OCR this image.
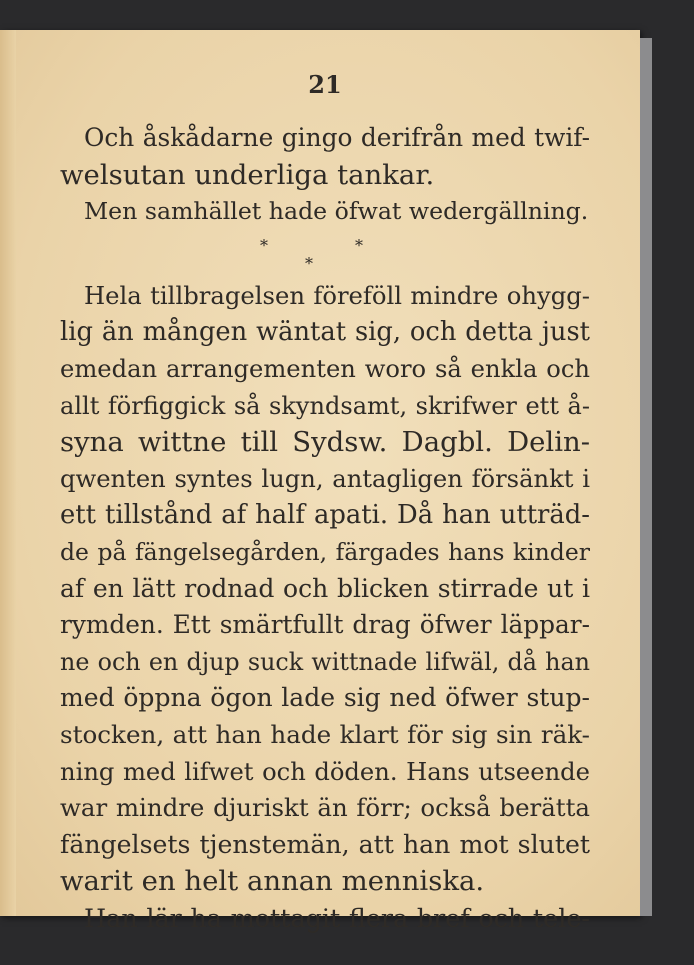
21
Och åskådarne gingo derifrån med twif-
welsutan underliga tankar.
Men samhället hade öfwat wedergällning.
*
*
*
Hela tillbragelsen föreföll mindre ohygg-
lig än mången wäntat sig, och detta just
emedan arrangementen woro så enkla och
allt förfiggick så skyndsamt, skrifwer ett å-
syna wittne till Sydsw. Dagbl. Delin-
qwenten syntes lugn, antagligen försänkt i
ett tillstånd af half apati. Då han utträd-
de på fängelsegården, färgades hans kinder
af en lätt rodnad och blicken stirrade ut i
rymden. Ett smärtfullt drag öfwer läppar-
ne och en djup suck wittnade lifwäl, då han
med öppna ögon lade sig ned öfwer stup-
stocken, att han hade klart för sig sin räk-
ning med lifwet och döden. Hans utseende
war mindre djuriskt än förr; också berätta
fängelsets tjenstemän, att han mot slutet
warit en helt annan menniska.
Han lär ha mottagit flera bref och tele-
